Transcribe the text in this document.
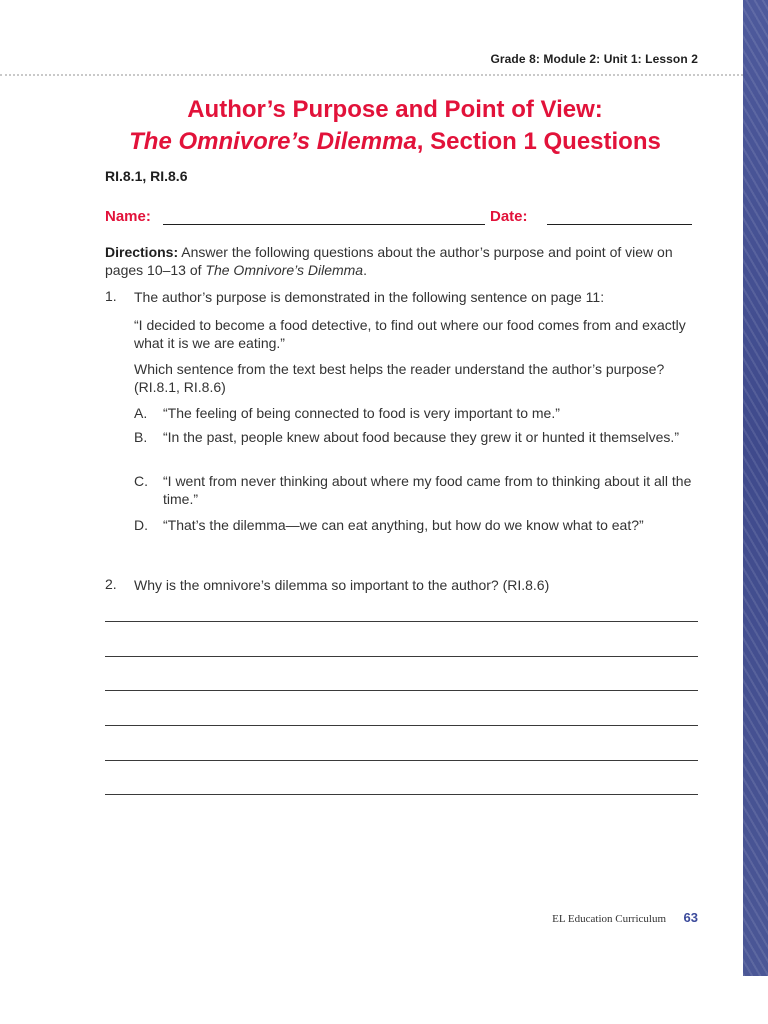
Grade 8: Module 2: Unit 1: Lesson 2
Author’s Purpose and Point of View:
The Omnivore’s Dilemma, Section 1 Questions
RI.8.1, RI.8.6
Name:	Date:
Directions: Answer the following questions about the author’s purpose and point of view on pages 10–13 of The Omnivore’s Dilemma.
1. The author’s purpose is demonstrated in the following sentence on page 11:
“I decided to become a food detective, to find out where our food comes from and exactly what it is we are eating.”
Which sentence from the text best helps the reader understand the author’s purpose? (RI.8.1, RI.8.6)
A. “The feeling of being connected to food is very important to me.”
B. “In the past, people knew about food because they grew it or hunted it themselves.”
C. “I went from never thinking about where my food came from to thinking about it all the time.”
D. “That’s the dilemma—we can eat anything, but how do we know what to eat?”
2. Why is the omnivore’s dilemma so important to the author? (RI.8.6)
EL Education Curriculum 63
